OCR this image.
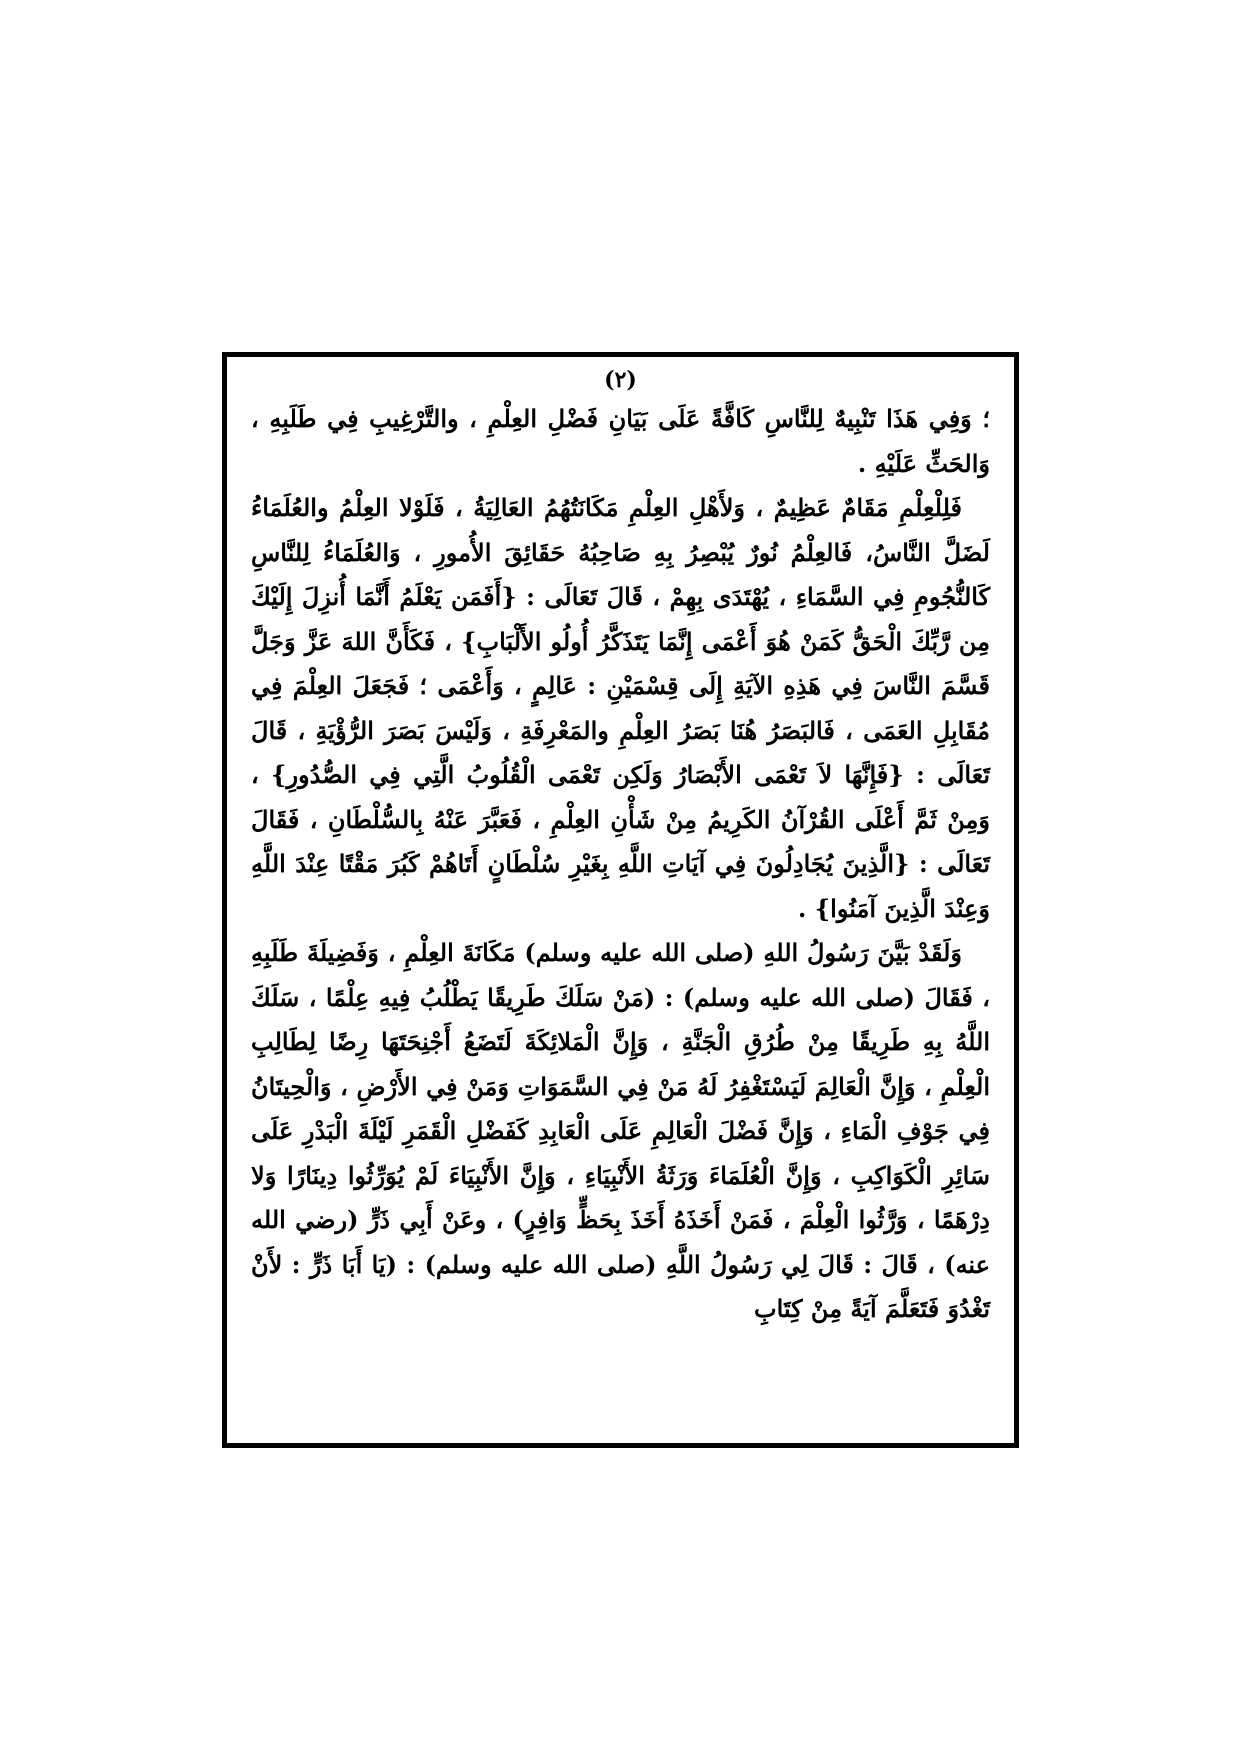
(٢)

؛ وَفِي هَذَا تَنْبِيهٌ لِلنَّاسِ كَافَّةً عَلَى بَيَانِ فَضْلِ العِلْمِ ، والتَّرْغِيبِ فِي طَلَبِهِ ، وَالحَثِّ عَلَيْهِ .

فَلِلْعِلْمِ مَقَامٌ عَظِيمٌ ، وَلأَهْلِ العِلْمِ مَكَانَتُهُمُ العَالِيَةُ ، فَلَوْلا العِلْمُ والعُلَمَاءُ لَضَلَّ النَّاسُ، فَالعِلْمُ نُورٌ يُبْصِرُ بِهِ صَاحِبُهُ حَقَائِقَ الأُمورِ ، وَالعُلَمَاءُ لِلنَّاسِ كَالنُّجُومِ فِي السَّمَاءِ ، يُهْتَدَى بِهِمْ ، قَالَ تَعَالَى : {أَفَمَن يَعْلَمُ أَنَّمَا أُنزِلَ إِلَيْكَ مِن رَّبِّكَ الْحَقُّ كَمَنْ هُوَ أَعْمَى إِنَّمَا يَتَذَكَّرُ أُولُو الأَلْبَابِ} ، فَكَأَنَّ اللهَ عَزَّ وَجَلَّ قَسَّمَ النَّاسَ فِي هَذِهِ الآيَةِ إِلَى قِسْمَيْنِ : عَالِمٍ ، وَأَعْمَى ؛ فَجَعَلَ العِلْمَ فِي مُقَابِلِ العَمَى ، فَالبَصَرُ هُنَا بَصَرُ العِلْمِ والمَعْرِفَةِ ، وَلَيْسَ بَصَرَ الرُّؤْيَةِ ، قَالَ تَعَالَى : {فَإِنَّهَا لاَ تَعْمَى الأَبْصَارُ وَلَكِن تَعْمَى الْقُلُوبُ الَّتِي فِي الصُّدُورِ} ، وَمِنْ ثَمَّ أَعْلَى القُرْآنُ الكَرِيمُ مِنْ شَأْنِ العِلْمِ ، فَعَبَّرَ عَنْهُ بِالسُّلْطَانِ ، فَقَالَ تَعَالَى : {الَّذِينَ يُجَادِلُونَ فِي آيَاتِ اللَّهِ بِغَيْرِ سُلْطَانٍ أَتَاهُمْ كَبُرَ مَقْتًا عِنْدَ اللَّهِ وَعِنْدَ الَّذِينَ آمَنُوا} .

وَلَقَدْ بَيَّنَ رَسُولُ اللهِ (صلى الله عليه وسلم) مَكَانَةَ العِلْمِ ، وَفَضِيلَةَ طَلَبِهِ ، فَقَالَ (صلى الله عليه وسلم) : (مَنْ سَلَكَ طَرِيقًا يَطْلُبُ فِيهِ عِلْمًا ، سَلَكَ اللَّهُ بِهِ طَرِيقًا مِنْ طُرُقِ الْجَنَّةِ ، وَإِنَّ الْمَلائِكَةَ لَتَضَعُ أَجْنِحَتَهَا رِضًا لِطَالِبِ الْعِلْمِ ، وَإِنَّ الْعَالِمَ لَيَسْتَغْفِرُ لَهُ مَنْ فِي السَّمَوَاتِ وَمَنْ فِي الأَرْضِ ، وَالْحِيتَانُ فِي جَوْفِ الْمَاءِ ، وَإِنَّ فَضْلَ الْعَالِمِ عَلَى الْعَابِدِ كَفَضْلِ الْقَمَرِ لَيْلَةَ الْبَدْرِ عَلَى سَائِرِ الْكَوَاكِبِ ، وَإِنَّ الْعُلَمَاءَ وَرَثَةُ الأَنْبِيَاءِ ، وَإِنَّ الأَنْبِيَاءَ لَمْ يُوَرِّثُوا دِينَارًا وَلا دِرْهَمًا ، وَرَّثُوا الْعِلْمَ ، فَمَنْ أَخَذَهُ أَخَذَ بِحَظٍّ وَافِرٍ) ، وعَنْ أَبِي ذَرٍّ (رضي الله عنه) ، قَالَ : قَالَ لِي رَسُولُ اللَّهِ (صلى الله عليه وسلم) : (يَا أَبَا ذَرٍّ : لأَنْ تَغْدُوَ فَتَعَلَّمَ آيَةً مِنْ كِتَابِ
